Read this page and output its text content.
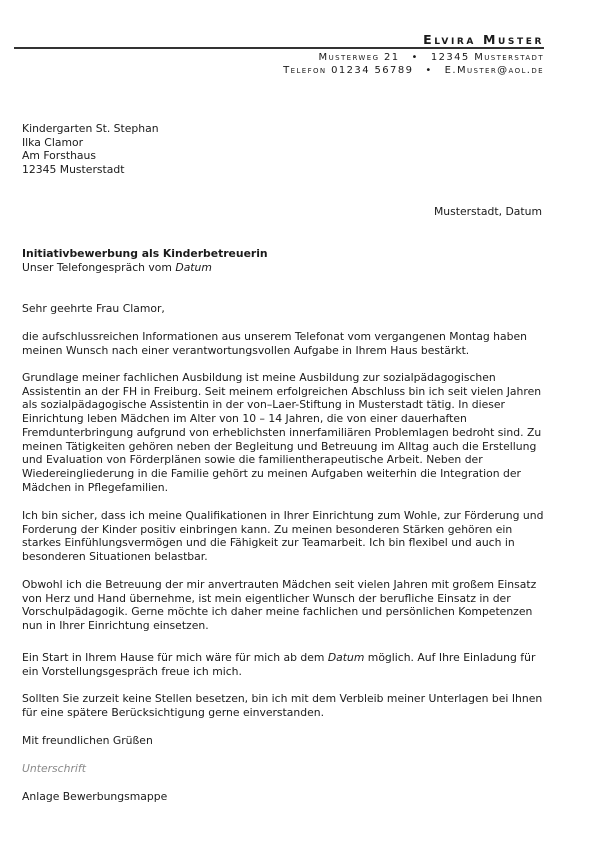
Elvira Muster
Musterweg 21 • 12345 Musterstadt
Telefon 01234 56789 • E.Muster@aol.de

Kindergarten St. Stephan

Ilka Clamor

Am Forsthaus

12345 Musterstadt

Musterstadt, Datum

Initiativbewerbung als Kinderbetreuerin

Unser Telefongespräch vom Datum

Sehr geehrte Frau Clamor,
die aufschlussreichen Informationen aus unserem Telefonat vom vergangenen Montag haben meinen Wunsch nach einer verantwortungsvollen Aufgabe in Ihrem Haus bestärkt.
Grundlage meiner fachlichen Ausbildung ist meine Ausbildung zur sozialpädagogischen Assistentin an der FH in Freiburg. Seit meinem erfolgreichen Abschluss bin ich seit vielen Jahren als sozialpädagogische Assistentin in der von–Laer-Stiftung in Musterstadt tätig. In dieser Einrichtung leben Mädchen im Alter von 10 – 14 Jahren, die von einer dauerhaften Fremdunterbringung aufgrund von erheblichsten innerfamiliären Problemlagen bedroht sind. Zu meinen Tätigkeiten gehören neben der Begleitung und Betreuung im Alltag auch die Erstellung und Evaluation von Förderplänen sowie die familientherapeutische Arbeit. Neben der Wiedereingliederung in die Familie gehört zu meinen Aufgaben weiterhin die Integration der Mädchen in Pflegefamilien.
Ich bin sicher, dass ich meine Qualifikationen in Ihrer Einrichtung zum Wohle, zur Förderung und Forderung der Kinder positiv einbringen kann. Zu meinen besonderen Stärken gehören ein starkes Einfühlungsvermögen und die Fähigkeit zur Teamarbeit. Ich bin flexibel und auch in besonderen Situationen belastbar.
Obwohl ich die Betreuung der mir anvertrauten Mädchen seit vielen Jahren mit großem Einsatz von Herz und Hand übernehme, ist mein eigentlicher Wunsch der berufliche Einsatz in der Vorschulpädagogik. Gerne möchte ich daher meine fachlichen und persönlichen Kompetenzen nun in Ihrer Einrichtung einsetzen.
Ein Start in Ihrem Hause für mich wäre für mich ab dem Datum möglich. Auf Ihre Einladung für ein Vorstellungsgespräch freue ich mich.
Sollten Sie zurzeit keine Stellen besetzen, bin ich mit dem Verbleib meiner Unterlagen bei Ihnen für eine spätere Berücksichtigung gerne einverstanden.
Mit freundlichen Grüßen
Unterschrift
Anlage Bewerbungsmappe
